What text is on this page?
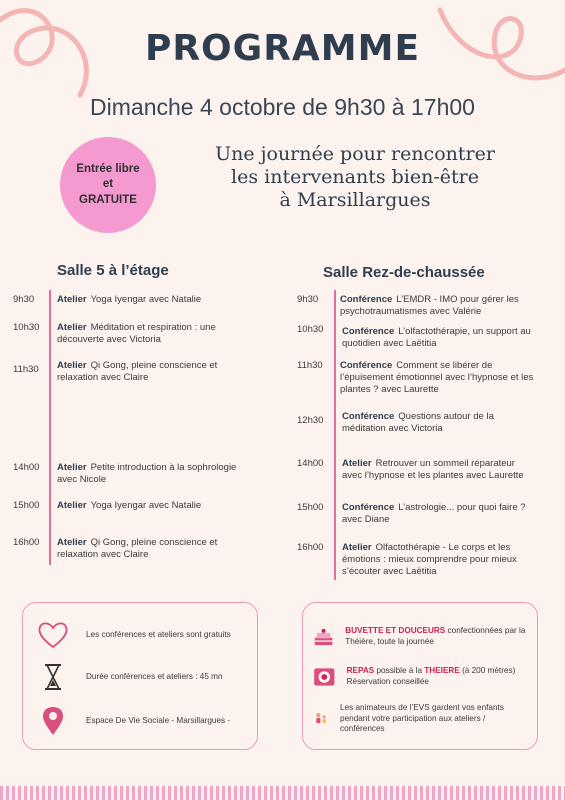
PROGRAMME
Dimanche 4 octobre de 9h30 à 17h00
Entrée libre
et
GRATUITE
Une journée pour rencontrer
les intervenants bien-être
à Marsillargues
Salle 5 à l’étage
9h30 Atelier Yoga Iyengar avec Natalie
10h30 Atelier Méditation et respiration : une découverte avec Victoria
11h30 Atelier Qi Gong, pleine conscience et relaxation avec Claire
14h00 Atelier Petite introduction à la sophrologie avec Nicole
15h00 Atelier Yoga Iyengar avec Natalie
16h00 Atelier Qi Gong, pleine conscience et relaxation avec Claire
Salle Rez-de-chaussée
9h30 Conférence L’EMDR - IMO pour gérer les psychotraumatismes avec Valérie
10h30 Conférence L’olfactothérapie, un support au quotidien avec Laëtitia
11h30 Conférence Comment se libérer de l’épuisement émotionnel avec l’hypnose et les plantes ? avec Laurette
12h30 Conférence Questions autour de la méditation avec Victoria
14h00 Atelier Retrouver un sommeil réparateur avec l’hypnose et les plantes avec Laurette
15h00 Conférence L’astrologie... pour quoi faire ? avec Diane
16h00 Atelier Olfactothérapie - Le corps et les émotions : mieux comprendre pour mieux s’écouter avec Laëtitia
Les conférences et ateliers sont gratuits
Durée conférences et ateliers : 45 mn
Espace De Vie Sociale - Marsillargues -
BUVETTE ET DOUCEURS confectionnées par la Théière, toute la journée
REPAS possible à la THEIERE (à 200 mètres) Réservation conseillée
Les animateurs de l’EVS gardent vos enfants pendant votre participation aux ateliers / conférences
